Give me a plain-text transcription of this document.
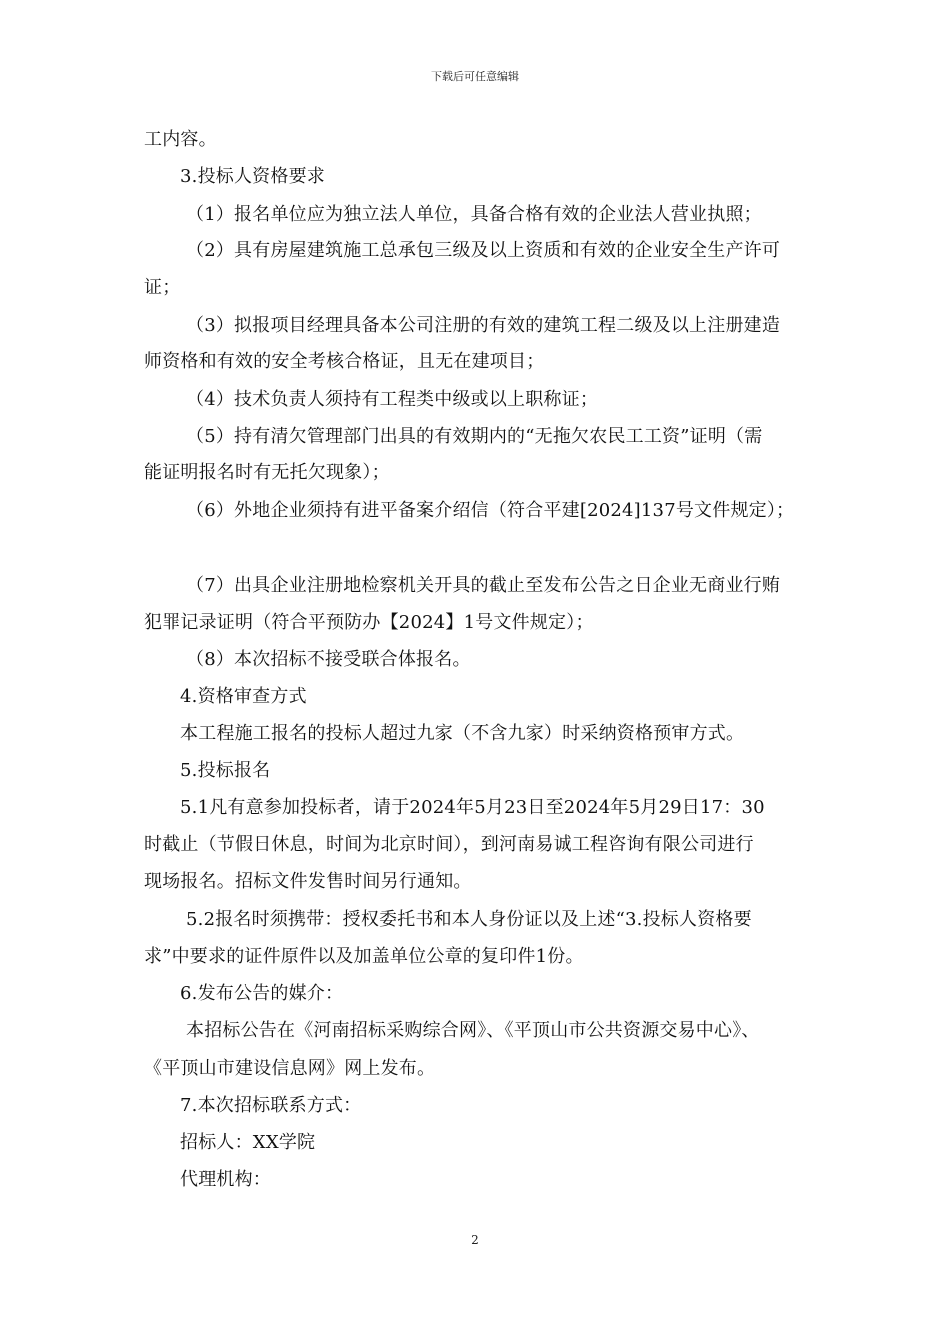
下载后可任意编辑
工内容。
3.投标人资格要求
（1）报名单位应为独立法人单位，具备合格有效的企业法人营业执照；
（2）具有房屋建筑施工总承包三级及以上资质和有效的企业安全生产许可
证；
（3）拟报项目经理具备本公司注册的有效的建筑工程二级及以上注册建造
师资格和有效的安全考核合格证，且无在建项目；
（4）技术负责人须持有工程类中级或以上职称证；
（5）持有清欠管理部门出具的有效期内的“无拖欠农民工工资”证明（需
能证明报名时有无托欠现象）；
（6）外地企业须持有进平备案介绍信（符合平建[2024]137号文件规定）；
（7）出具企业注册地检察机关开具的截止至发布公告之日企业无商业行贿
犯罪记录证明（符合平预防办【2024】1号文件规定）；
（8）本次招标不接受联合体报名。
4.资格审查方式
本工程施工报名的投标人超过九家（不含九家）时采纳资格预审方式。
5.投标报名
5.1凡有意参加投标者，请于2024年5月23日至2024年5月29日17：30
时截止（节假日休息，时间为北京时间），到河南易诚工程咨询有限公司进行
现场报名。招标文件发售时间另行通知。
5.2报名时须携带：授权委托书和本人身份证以及上述“3.投标人资格要
求”中要求的证件原件以及加盖单位公章的复印件1份。
6.发布公告的媒介：
本招标公告在《河南招标采购综合网》、《平顶山市公共资源交易中心》、
《平顶山市建设信息网》网上发布。
7.本次招标联系方式：
招标人：XX学院
代理机构：
2
